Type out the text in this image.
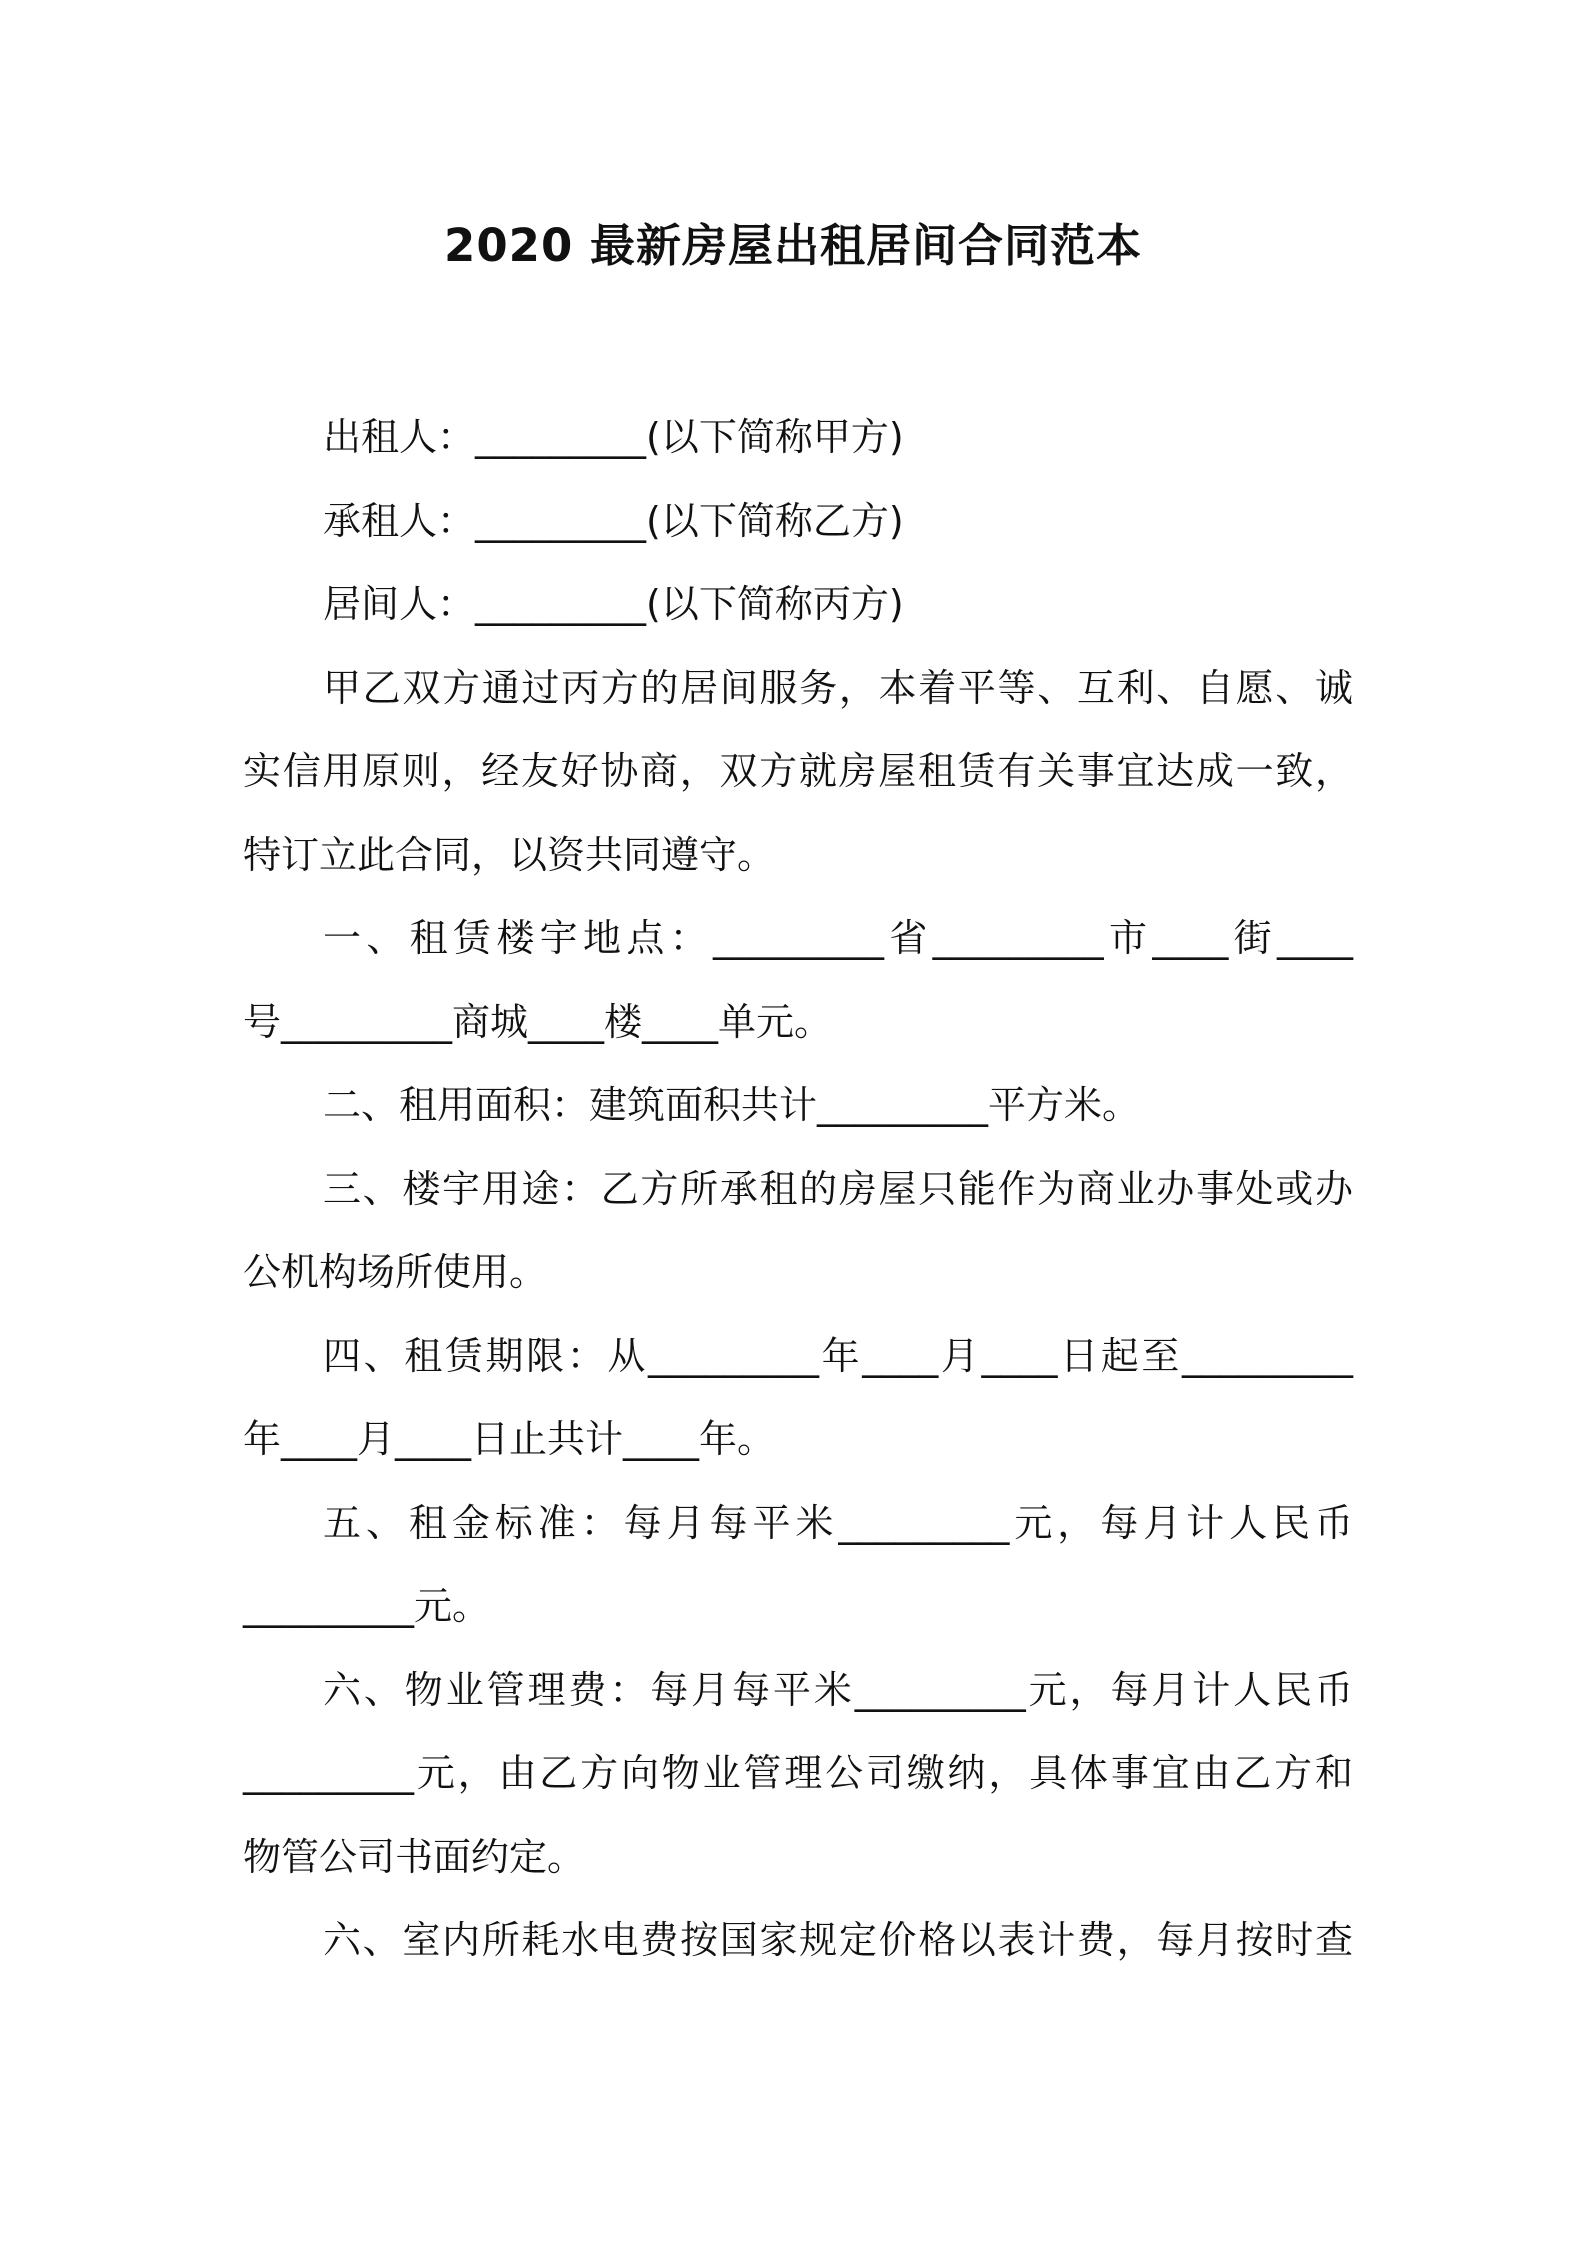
2020 最新房屋出租居间合同范本
出租人：_________(以下简称甲方)
承租人：_________(以下简称乙方)
居间人：_________(以下简称丙方)
甲乙双方通过丙方的居间服务，本着平等、互利、自愿、诚
实信用原则，经友好协商，双方就房屋租赁有关事宜达成一致，
特订立此合同，以资共同遵守。
一、租赁楼宇地点：_________省_________市____街____
号_________商城____楼____单元。
二、租用面积：建筑面积共计_________平方米。
三、楼宇用途：乙方所承租的房屋只能作为商业办事处或办
公机构场所使用。
四、租赁期限：从_________年____月____日起至_________
年____月____日止共计____年。
五、租金标准：每月每平米_________元，每月计人民币
_________元。
六、物业管理费：每月每平米_________元，每月计人民币
_________元，由乙方向物业管理公司缴纳，具体事宜由乙方和
物管公司书面约定。
六、室内所耗水电费按国家规定价格以表计费，每月按时查
